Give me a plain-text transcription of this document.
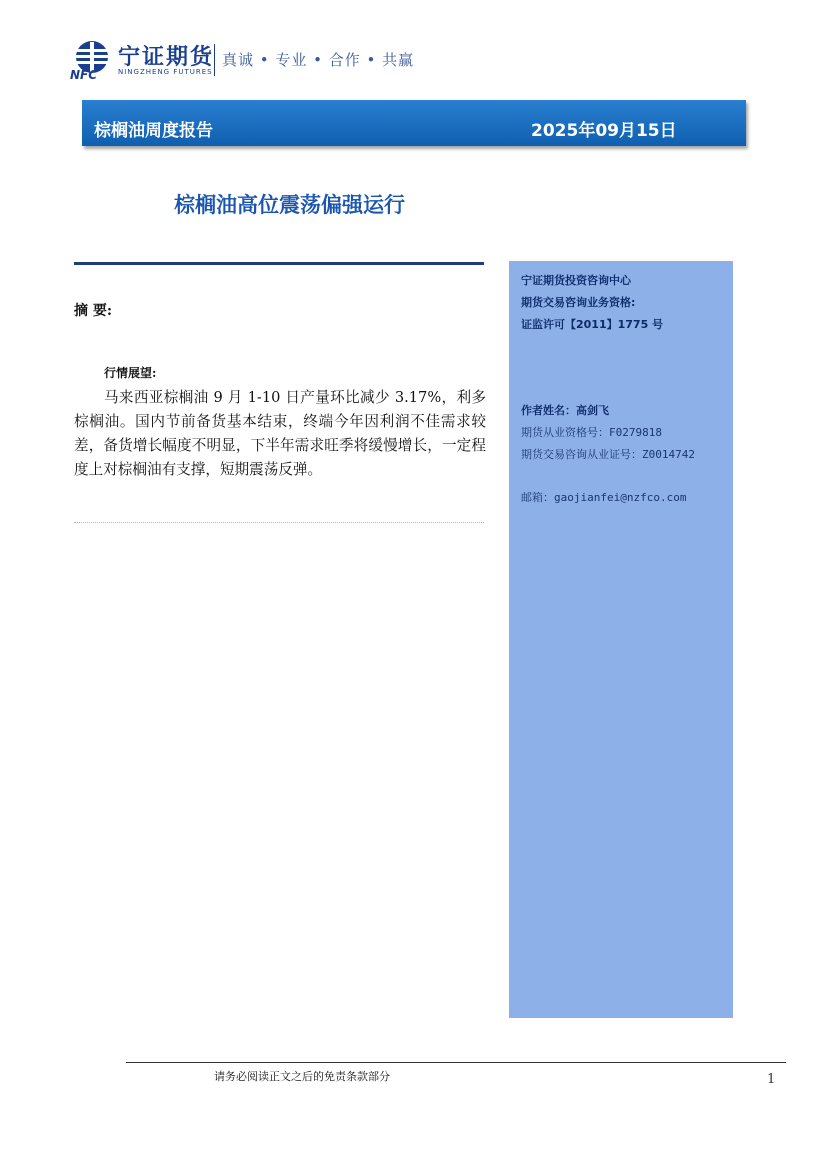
NFC
宁证期货
NINGZHENG FUTURES
真诚 • 专业 • 合作 • 共赢
棕榈油周度报告	2025年09月15日
棕榈油高位震荡偏强运行
摘 要:
行情展望:

马来西亚棕榈油 9 月 1-10 日产量环比减少 3.17%，利多棕榈油。国内节前备货基本结束，终端今年因利润不佳需求较差，备货增长幅度不明显，下半年需求旺季将缓慢增长，一定程度上对棕榈油有支撑，短期震荡反弹。

宁证期货投资咨询中心
期货交易咨询业务资格:
证监许可【2011】1775 号
作者姓名：高剑飞
期货从业资格号：F0279818
期货交易咨询从业证号：Z0014742
邮箱：gaojianfei@nzfco.com
请务必阅读正文之后的免责条款部分	1
